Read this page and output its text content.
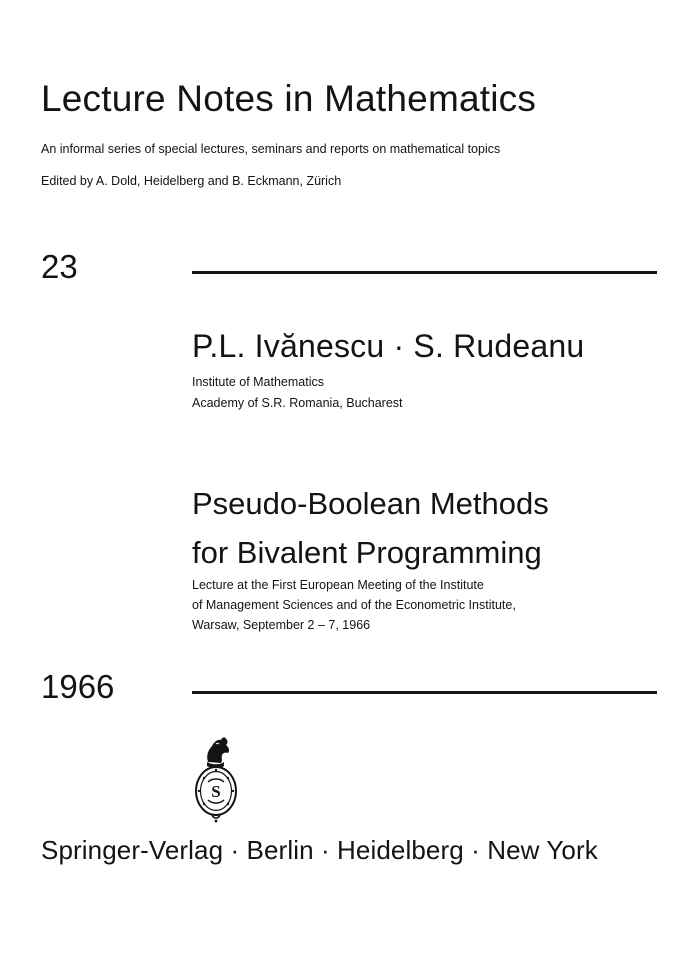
Lecture Notes in Mathematics
An informal series of special lectures, seminars and reports on mathematical topics
Edited by A. Dold, Heidelberg and B. Eckmann, Zürich
23
P.L. Ivănescu · S. Rudeanu
Institute of Mathematics
Academy of S.R. Romania, Bucharest
Pseudo-Boolean Methods
for Bivalent Programming
Lecture at the First European Meeting of the Institute
of Management Sciences and of the Econometric Institute,
Warsaw, September 2 – 7, 1966
1966
S
Springer-Verlag · Berlin · Heidelberg · New York
